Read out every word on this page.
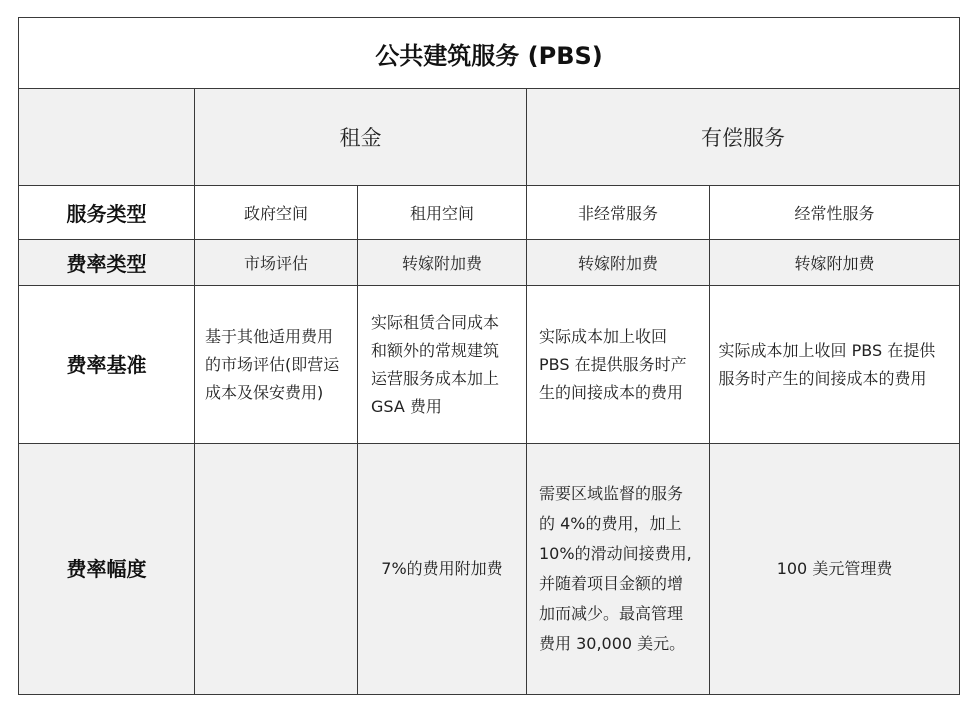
公共建筑服务 (PBS)				
	租金		有偿服务	
服务类型	政府空间	租用空间	非经常服务	经常性服务
费率类型	市场评估	转嫁附加费	转嫁附加费	转嫁附加费
费率基准	基于其他适用费用的市场评估(即营运成本及保安费用)	实际租赁合同成本和额外的常规建筑运营服务成本加上 GSA 费用	实际成本加上收回 PBS 在提供服务时产生的间接成本的费用	实际成本加上收回 PBS 在提供服务时产生的间接成本的费用
费率幅度		7%的费用附加费	需要区域监督的服务的 4%的费用，加上 10%的滑动间接费用, 并随着项目金额的增加而减少。最高管理费用 30,000 美元。	100 美元管理费
